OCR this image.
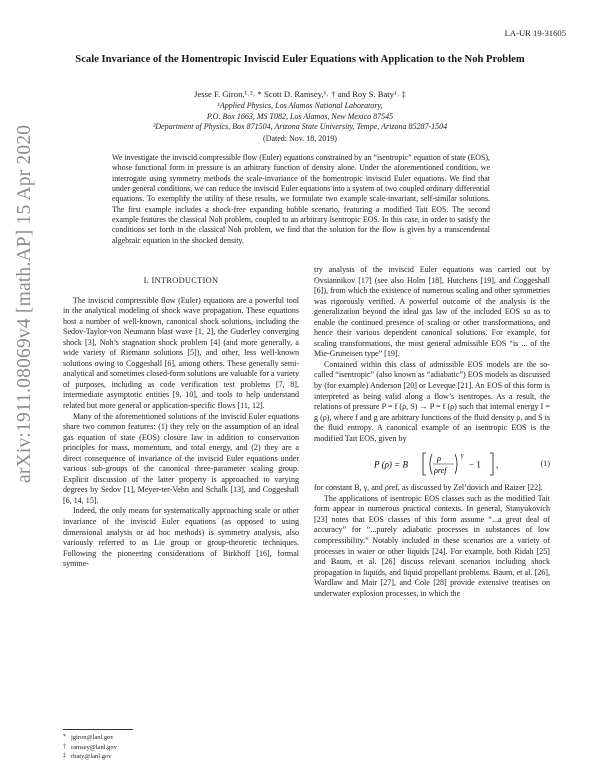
arXiv:1911.08069v4 [math.AP] 15 Apr 2020
LA-UR 19-31605
Scale Invariance of the Homentropic Inviscid Euler Equations with Application to the Noh Problem
Jesse F. Giron,¹˒²˒ * Scott D. Ramsey,¹˒ † and Roy S. Baty¹˒ ‡
¹Applied Physics, Los Alamos National Laboratory,
P.O. Box 1663, MS T082, Los Alamos, New Mexico 87545
²Department of Physics, Box 871504, Arizona State University, Tempe, Arizona 85287-1504
(Dated: Nov. 18, 2019)
We investigate the inviscid compressible flow (Euler) equations constrained by an “isentropic” equation of state (EOS), whose functional form in pressure is an arbitrary function of density alone. Under the aforementioned condition, we interrogate using symmetry methods the scale-invariance of the homentropic inviscid Euler equations. We find that under general conditions, we can reduce the inviscid Euler equations into a system of two coupled ordinary differential equations. To exemplify the utility of these results, we formulate two example scale-invariant, self-similar solutions. The first example includes a shock-free expanding bubble scenario, featuring a modified Tait EOS. The second example features the classical Noh problem, coupled to an arbitrary isentropic EOS. In this case, in order to satisfy the conditions set forth in the classical Noh problem, we find that the solution for the flow is given by a transcendental algebraic equation in the shocked density.
I. INTRODUCTION

The inviscid compressible flow (Euler) equations are a powerful tool in the analytical modeling of shock wave propagation. These equations host a number of well-known, canonical shock solutions, including the Sedov-Taylor-von Neumann blast wave [1, 2], the Guderley converging shock [3], Noh’s stagnation shock problem [4] (and more generally, a wide variety of Riemann solutions [5]), and other, less well-known solutions owing to Coggeshall [6], among others. These generally semi-analytical and sometimes closed-form solutions are valuable for a variety of purposes, including as code verification test problems [7, 8], intermediate asymptotic entities [9, 10], and tools to help understand related but more general or application-specific flows [11, 12].

Many of the aforementioned solutions of the inviscid Euler equations share two common features: (1) they rely on the assumption of an ideal gas equation of state (EOS) closure law in addition to conservation principles for mass, momentum, and total energy, and (2) they are a direct consequence of invariance of the inviscid Euler equations under various sub-groups of the canonical three-parameter scaling group. Explicit discussion of the latter property is approached to varying degrees by Sedov [1], Meyer-ter-Vehn and Schalk [13], and Coggeshall [6, 14, 15].

Indeed, the only means for systematically approaching scale or other invariance of the inviscid Euler equations (as opposed to using dimensional analysis or ad hoc methods) is symmetry analysis, also variously referred to as Lie group or group-theoretic techniques. Following the pioneering considerations of Birkhoff [16], formal symme-

try analysis of the inviscid Euler equations was carried out by Ovsiannikov [17] (see also Holm [18], Hutchens [19], and Coggeshall [6]), from which the existence of numerous scaling and other symmetries was rigorously verified. A powerful outcome of the analysis is the generalization beyond the ideal gas law of the included EOS so as to enable the continued presence of scaling or other transformations, and hence their various dependent canonical solutions. For example, for scaling transformations, the most general admissible EOS “is ... of the Mie-Gruneisen type” [19].

Contained within this class of admissible EOS models are the so-called “isentropic” (also known as “adiabatic”) EOS models as discussed by (for example) Anderson [20] or Leveque [21]. An EOS of this form is interpreted as being valid along a flow’s isentropes. As a result, the relations of pressure P = f (ρ, S) → P = f (ρ) such that internal energy I = g (ρ), where f and g are arbitrary functions of the fluid density ρ, and S is the fluid entropy. A canonical example of an isentropic EOS is the modified Tait EOS, given by

P (ρ) = B
ρ
ρref
γ
− 1 ,	(1)

for constant B, γ, and ρref, as discussed by Zel’dovich and Raizer [22].

The applications of isentropic EOS classes such as the modified Tait form appear in numerous practical contexts. In general, Stanyukovich [23] notes that EOS classes of this form assume “...a great deal of accuracy” for “...purely adiabatic processes in substances of low compressibility.” Notably included in these scenarios are a variety of processes in water or other liquids [24]. For example, both Ridah [25] and Baum, et al. [26] discuss relevant scenarios including shock propagation in liquids, and liquid propellant problems. Baum, et al. [26], Wardlaw and Mair [27], and Cole [28] provide extensive treatises on underwater explosion processes, in which the

* jgiron@lanl.gov
† ramsey@lanl.gov
‡ rbaty@lanl.gov
